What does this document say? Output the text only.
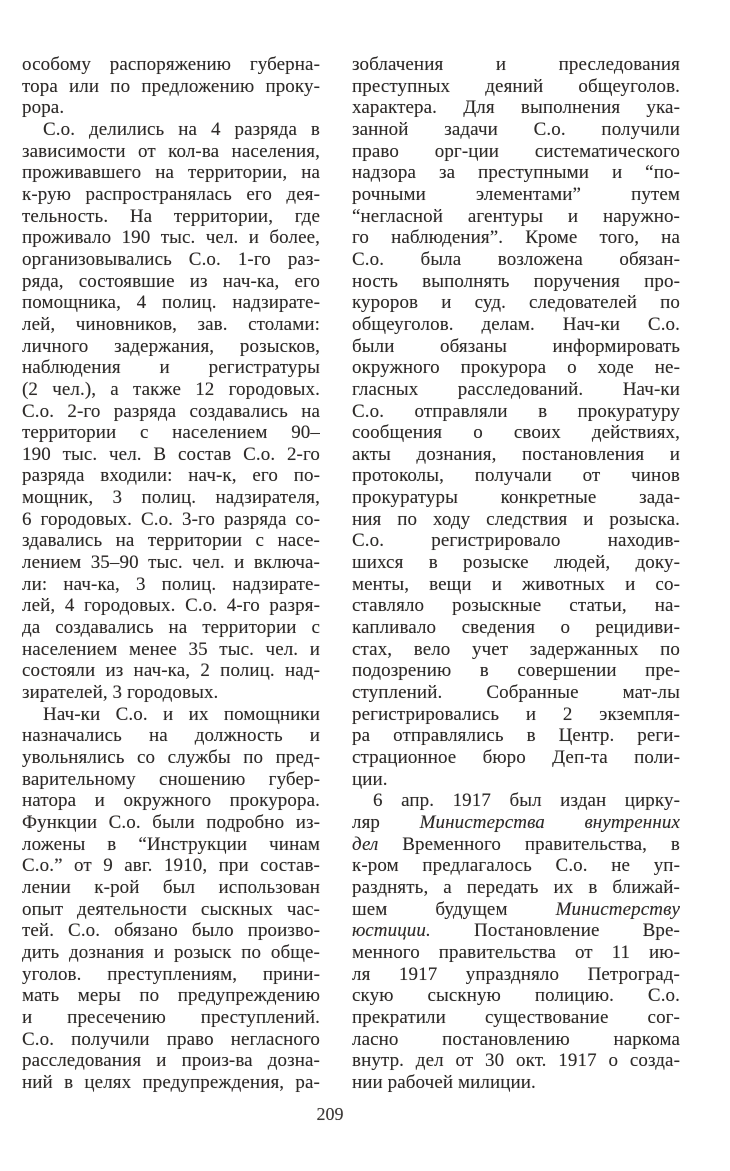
особому распоряжению губерна-
тора или по предложению проку-
рора.
С.о. делились на 4 разряда в
зависимости от кол-ва населения,
проживавшего на территории, на
к-рую распространялась его дея-
тельность. На территории, где
проживало 190 тыс. чел. и более,
организовывались С.о. 1-го раз-
ряда, состоявшие из нач-ка, его
помощника, 4 полиц. надзирате-
лей, чиновников, зав. столами:
личного задержания, розысков,
наблюдения и регистратуры
(2 чел.), а также 12 городовых.
С.о. 2-го разряда создавались на
территории с населением 90–
190 тыс. чел. В состав С.о. 2-го
разряда входили: нач-к, его по-
мощник, 3 полиц. надзирателя,
6 городовых. С.о. 3-го разряда со-
здавались на территории с насе-
лением 35–90 тыс. чел. и включа-
ли: нач-ка, 3 полиц. надзирате-
лей, 4 городовых. С.о. 4-го разря-
да создавались на территории с
населением менее 35 тыс. чел. и
состояли из нач-ка, 2 полиц. над-
зирателей, 3 городовых.
Нач-ки С.о. и их помощники
назначались на должность и
увольнялись со службы по пред-
варительному сношению губер-
натора и окружного прокурора.
Функции С.о. были подробно из-
ложены в “Инструкции чинам
С.о.” от 9 авг. 1910, при состав-
лении к-рой был использован
опыт деятельности сыскных час-
тей. С.о. обязано было произво-
дить дознания и розыск по обще-
уголов. преступлениям, прини-
мать меры по предупреждению
и пресечению преступлений.
С.о. получили право негласного
расследования и произ-ва дозна-
ний в целях предупреждения, ра-
зоблачения и преследования
преступных деяний общеуголов.
характера. Для выполнения ука-
занной задачи С.о. получили
право орг-ции систематического
надзора за преступными и “по-
рочными элементами” путем
“негласной агентуры и наружно-
го наблюдения”. Кроме того, на
С.о. была возложена обязан-
ность выполнять поручения про-
куроров и суд. следователей по
общеуголов. делам. Нач-ки С.о.
были обязаны информировать
окружного прокурора о ходе не-
гласных расследований. Нач-ки
С.о. отправляли в прокуратуру
сообщения о своих действиях,
акты дознания, постановления и
протоколы, получали от чинов
прокуратуры конкретные зада-
ния по ходу следствия и розыска.
С.о. регистрировало находив-
шихся в розыске людей, доку-
менты, вещи и животных и со-
ставляло розыскные статьи, на-
капливало сведения о рецидиви-
стах, вело учет задержанных по
подозрению в совершении пре-
ступлений. Собранные мат-лы
регистрировались и 2 экземпля-
ра отправлялись в Центр. реги-
страционное бюро Деп-та поли-
ции.
6 апр. 1917 был издан цирку-
ляр Министерства внутренних
дел Временного правительства, в
к-ром предлагалось С.о. не уп-
разднять, а передать их в ближай-
шем будущем Министерству
юстиции. Постановление Вре-
менного правительства от 11 ию-
ля 1917 упраздняло Петроград-
скую сыскную полицию. С.о.
прекратили существование сог-
ласно постановлению наркома
внутр. дел от 30 окт. 1917 о созда-
нии рабочей милиции.
209
